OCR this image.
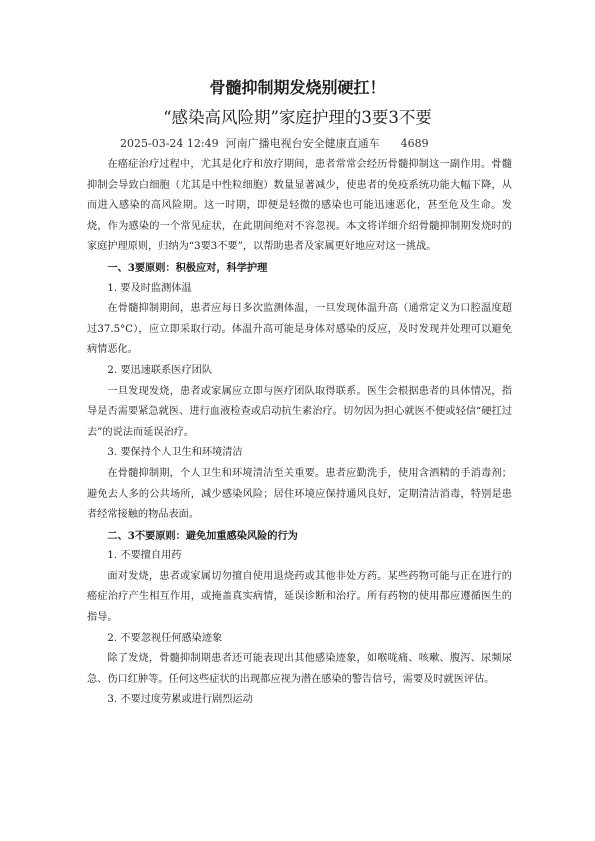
骨髓抑制期发烧别硬扛！
“感染高风险期”家庭护理的3要3不要
2025-03-24 12:49 河南广播电视台安全健康直通车 4689

在癌症治疗过程中，尤其是化疗和放疗期间，患者常常会经历骨髓抑制这一副作用。骨髓抑制会导致白细胞（尤其是中性粒细胞）数量显著减少，使患者的免疫系统功能大幅下降，从而进入感染的高风险期。这一时期，即便是轻微的感染也可能迅速恶化，甚至危及生命。发烧，作为感染的一个常见症状，在此期间绝对不容忽视。本文将详细介绍骨髓抑制期发烧时的家庭护理原则，归纳为“3要3不要”，以帮助患者及家属更好地应对这一挑战。

一、3要原则：积极应对，科学护理

1. 要及时监测体温

在骨髓抑制期间，患者应每日多次监测体温，一旦发现体温升高（通常定义为口腔温度超过37.5°C），应立即采取行动。体温升高可能是身体对感染的反应，及时发现并处理可以避免病情恶化。

2. 要迅速联系医疗团队

一旦发现发烧，患者或家属应立即与医疗团队取得联系。医生会根据患者的具体情况，指导是否需要紧急就医、进行血液检查或启动抗生素治疗。切勿因为担心就医不便或轻信“硬扛过去”的说法而延误治疗。

3. 要保持个人卫生和环境清洁

在骨髓抑制期，个人卫生和环境清洁至关重要。患者应勤洗手，使用含酒精的手消毒剂；避免去人多的公共场所，减少感染风险；居住环境应保持通风良好，定期清洁消毒，特别是患者经常接触的物品表面。

二、3不要原则：避免加重感染风险的行为

1. 不要擅自用药

面对发烧，患者或家属切勿擅自使用退烧药或其他非处方药。某些药物可能与正在进行的癌症治疗产生相互作用，或掩盖真实病情，延误诊断和治疗。所有药物的使用都应遵循医生的指导。

2. 不要忽视任何感染迹象

除了发烧，骨髓抑制期患者还可能表现出其他感染迹象，如喉咙痛、咳嗽、腹泻、尿频尿急、伤口红肿等。任何这些症状的出现都应视为潜在感染的警告信号，需要及时就医评估。

3. 不要过度劳累或进行剧烈运动
